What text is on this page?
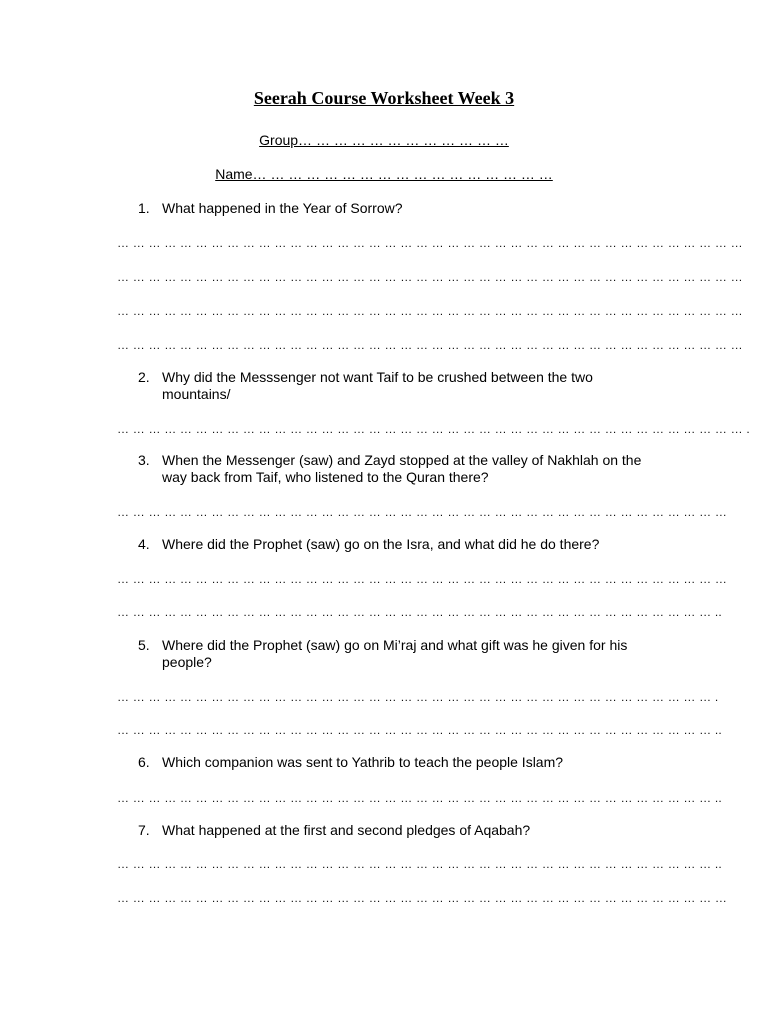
Seerah Course Worksheet Week 3
Group… … … … … … … … … … … …
Name… … … … … … … … … … … … … … … … …
1. What happened in the Year of Sorrow?
… … … … … … … … … … … … … … … … … … … … … … … … … … … … … … … … … … … … … … … …
… … … … … … … … … … … … … … … … … … … … … … … … … … … … … … … … … … … … … … … …
… … … … … … … … … … … … … … … … … … … … … … … … … … … … … … … … … … … … … … … …
… … … … … … … … … … … … … … … … … … … … … … … … … … … … … … … … … … … … … … … …
2. Why did the Messsenger not want Taif to be crushed between the two mountains/
… … … … … … … … … … … … … … … … … … … … … … … … … … … … … … … … … … … … … … … … .
3. When the Messenger (saw) and Zayd stopped at the valley of Nakhlah on the way back from Taif, who listened to the Quran there?
… … … … … … … … … … … … … … … … … … … … … … … … … … … … … … … … … … … … … … …
4. Where did the Prophet (saw) go on the Isra, and what did he do there?
… … … … … … … … … … … … … … … … … … … … … … … … … … … … … … … … … … … … … … …
… … … … … … … … … … … … … … … … … … … … … … … … … … … … … … … … … … … … … … ..
5. Where did the Prophet (saw) go on Mi’raj and what gift was he given for his people?
… … … … … … … … … … … … … … … … … … … … … … … … … … … … … … … … … … … … … … .
… … … … … … … … … … … … … … … … … … … … … … … … … … … … … … … … … … … … … … ..
6. Which companion was sent to Yathrib to teach the people Islam?
… … … … … … … … … … … … … … … … … … … … … … … … … … … … … … … … … … … … … … ..
7. What happened at the first and second pledges of Aqabah?
… … … … … … … … … … … … … … … … … … … … … … … … … … … … … … … … … … … … … … ..
… … … … … … … … … … … … … … … … … … … … … … … … … … … … … … … … … … … … … … …
